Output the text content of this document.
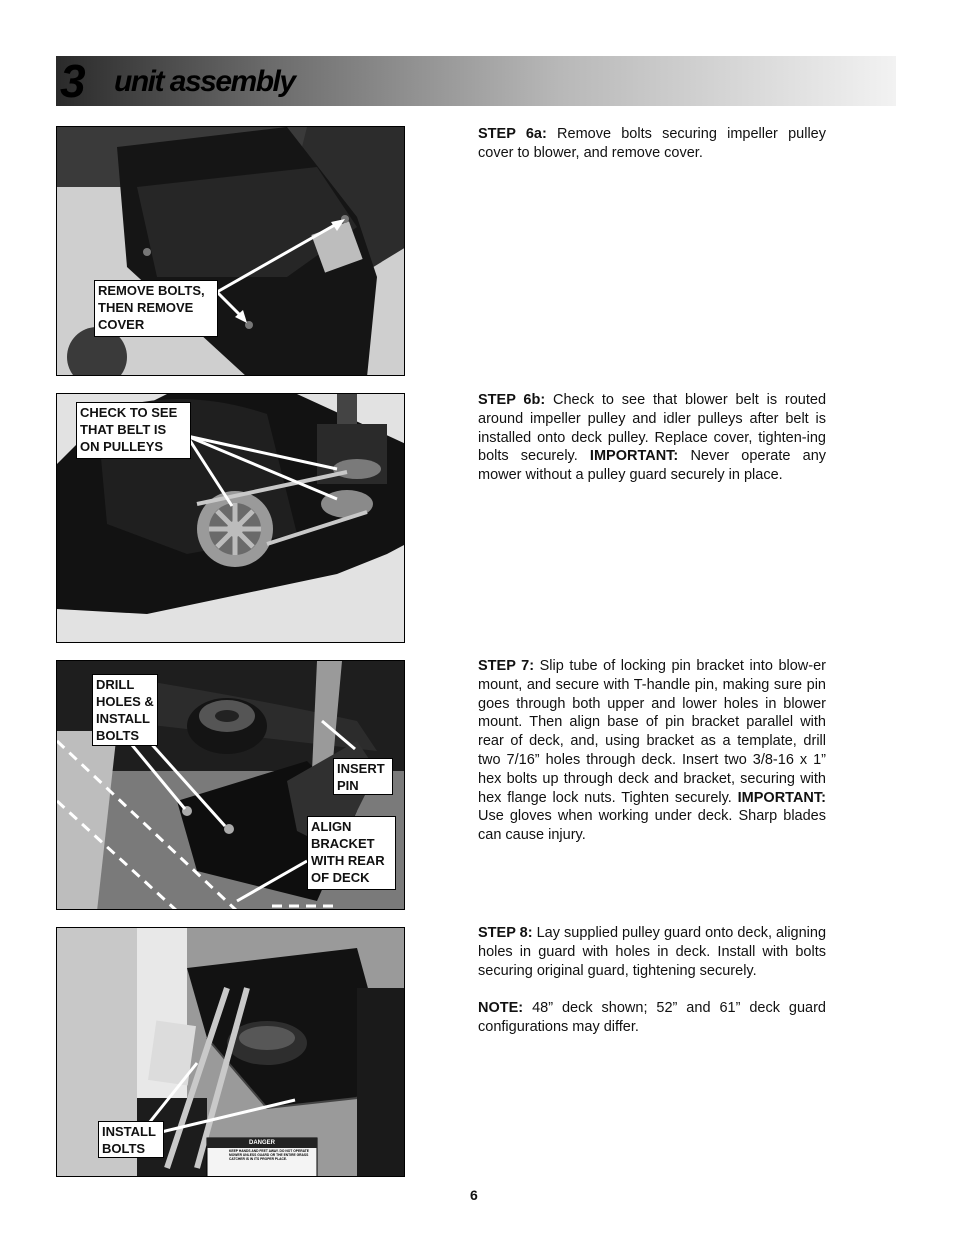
3 unit assembly
REMOVE BOLTS,
THEN REMOVE
COVER
CHECK TO SEE
THAT BELT IS
ON PULLEYS
DRILL
HOLES &
INSTALL
BOLTS
INSERT
PIN
ALIGN
BRACKET
WITH REAR
OF DECK
INSTALL
BOLTS	DANGER
KEEP HANDS AND FEET AWAY. DO NOT OPERATE MOWER UNLESS GUARD OR THE ENTIRE GRASS CATCHER IS IN ITS PROPER PLACE.
STEP 6a: Remove bolts securing impeller pulley cover to blower, and remove cover.
STEP 6b: Check to see that blower belt is routed around impeller pulley and idler pulleys after belt is installed onto deck pulley. Replace cover, tighten-ing bolts securely. IMPORTANT: Never operate any mower without a pulley guard securely in place.
STEP 7: Slip tube of locking pin bracket into blow-er mount, and secure with T-handle pin, making sure pin goes through both upper and lower holes in blower mount. Then align base of pin bracket parallel with rear of deck, and, using bracket as a template, drill two 7/16” holes through deck. Insert two 3/8-16 x 1” hex bolts up through deck and bracket, securing with hex flange lock nuts. Tighten securely. IMPORTANT: Use gloves when working under deck. Sharp blades can cause injury.
STEP 8: Lay supplied pulley guard onto deck, aligning holes in guard with holes in deck. Install with bolts securing original guard, tightening securely.
NOTE: 48” deck shown; 52” and 61” deck guard configurations may differ.
6
